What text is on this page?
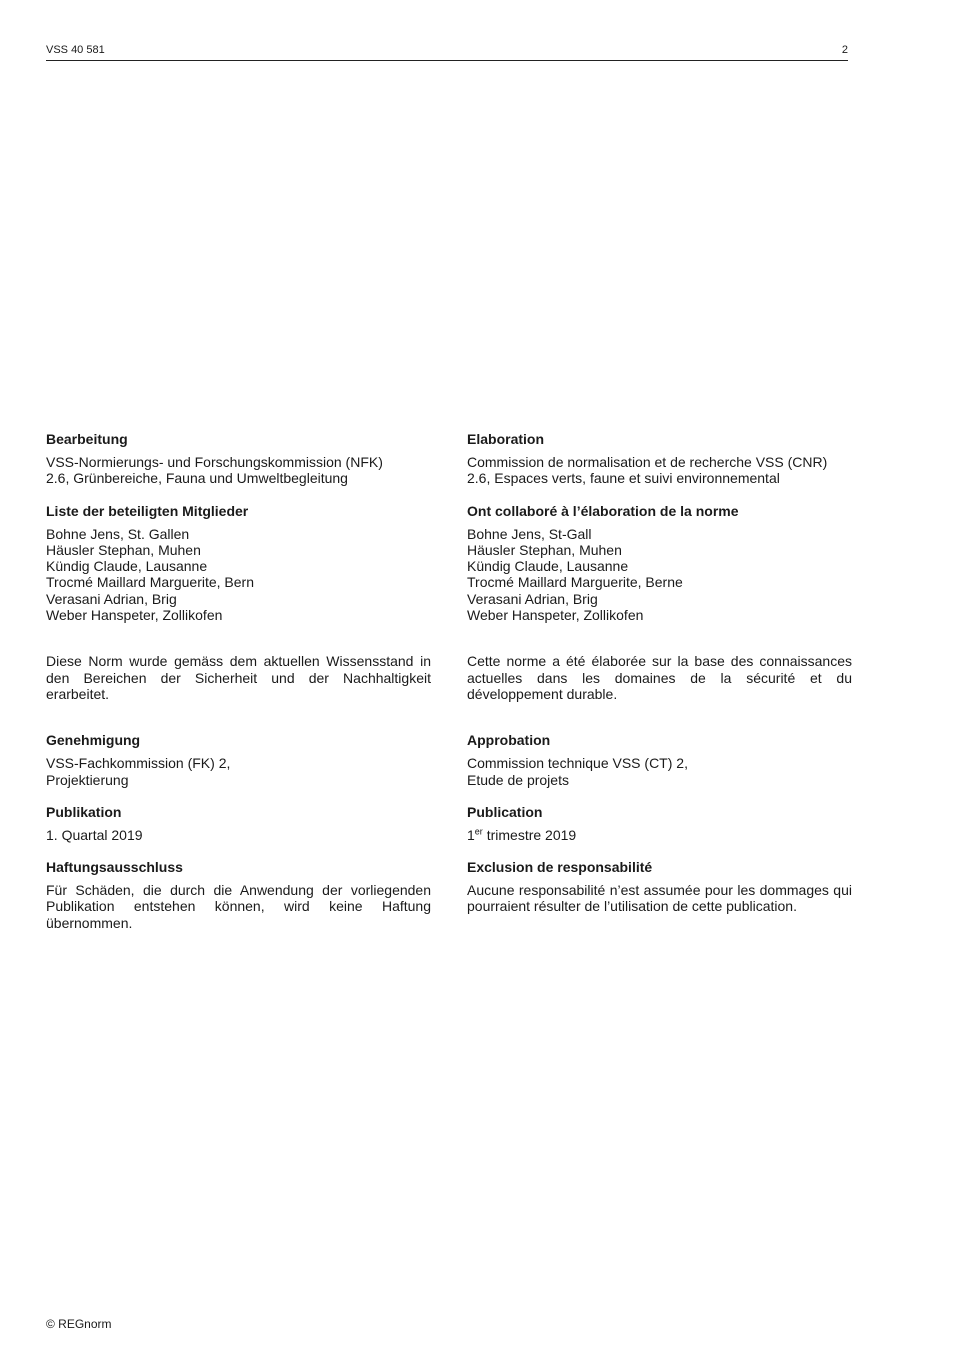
VSS 40 581	2
Bearbeitung

VSS-Normierungs- und Forschungskommission (NFK)

2.6, Grünbereiche, Fauna und Umweltbegleitung

Liste der beteiligten Mitglieder

Bohne Jens, St. Gallen

Häusler Stephan, Muhen

Kündig Claude, Lausanne

Trocmé Maillard Marguerite, Bern

Verasani Adrian, Brig

Weber Hanspeter, Zollikofen

Diese Norm wurde gemäss dem aktuellen Wissensstand in den Bereichen der Sicherheit und der Nachhaltigkeit erarbeitet.

Genehmigung

VSS-Fachkommission (FK) 2,

Projektierung

Publikation

1. Quartal 2019

Haftungsausschluss

Für Schäden, die durch die Anwendung der vorliegenden Publikation entstehen können, wird keine Haftung übernommen.

Elaboration

Commission de normalisation et de recherche VSS (CNR)

2.6, Espaces verts, faune et suivi environnemental

Ont collaboré à l’élaboration de la norme

Bohne Jens, St-Gall

Häusler Stephan, Muhen

Kündig Claude, Lausanne

Trocmé Maillard Marguerite, Berne

Verasani Adrian, Brig

Weber Hanspeter, Zollikofen

Cette norme a été élaborée sur la base des connaissances actuelles dans les domaines de la sécurité et du développement durable.

Approbation

Commission technique VSS (CT) 2,

Etude de projets

Publication

1er trimestre 2019

Exclusion de responsabilité

Aucune responsabilité n’est assumée pour les dommages qui pourraient résulter de l’utilisation de cette publication.

© REGnorm
